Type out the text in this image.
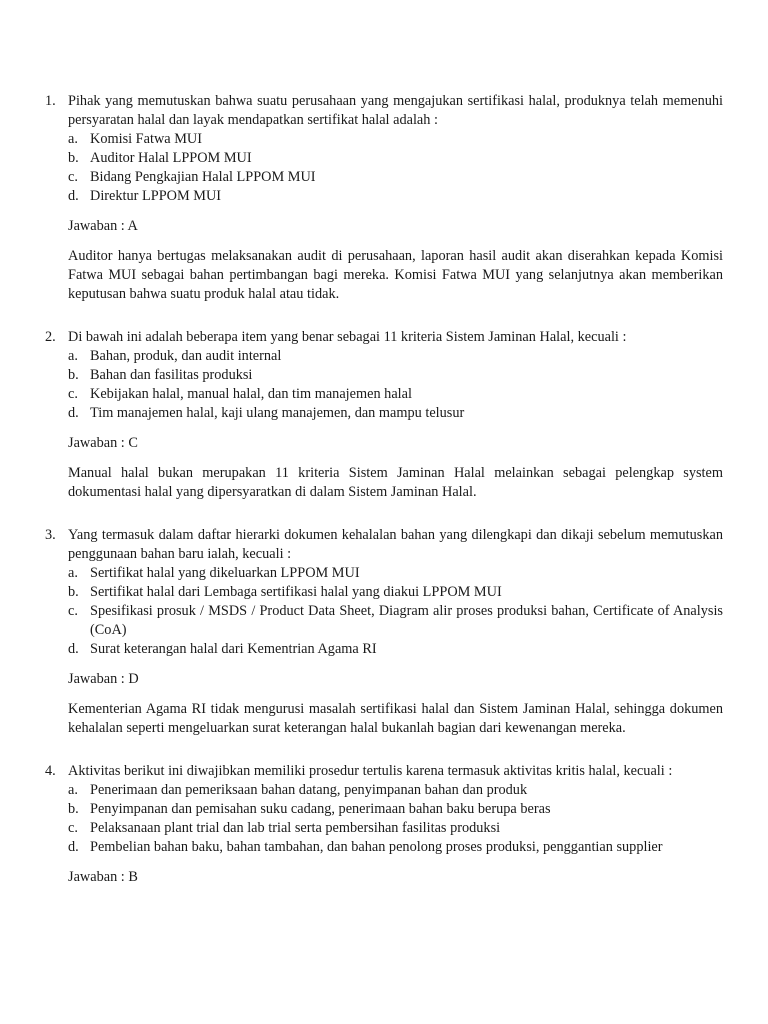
1. Pihak yang memutuskan bahwa suatu perusahaan yang mengajukan sertifikasi halal, produknya telah memenuhi persyaratan halal dan layak mendapatkan sertifikat halal adalah :
a. Komisi Fatwa MUI
b. Auditor Halal LPPOM MUI
c. Bidang Pengkajian Halal LPPOM MUI
d. Direktur LPPOM MUI
Jawaban : A
Auditor hanya bertugas melaksanakan audit di perusahaan, laporan hasil audit akan diserahkan kepada Komisi Fatwa MUI sebagai bahan pertimbangan bagi mereka. Komisi Fatwa MUI yang selanjutnya akan memberikan keputusan bahwa suatu produk halal atau tidak.
2. Di bawah ini adalah beberapa item yang benar sebagai 11 kriteria Sistem Jaminan Halal, kecuali :
a. Bahan, produk, dan audit internal
b. Bahan dan fasilitas produksi
c. Kebijakan halal, manual halal, dan tim manajemen halal
d. Tim manajemen halal, kaji ulang manajemen, dan mampu telusur
Jawaban : C
Manual halal bukan merupakan 11 kriteria Sistem Jaminan Halal melainkan sebagai pelengkap system dokumentasi halal yang dipersyaratkan di dalam Sistem Jaminan Halal.
3. Yang termasuk dalam daftar hierarki dokumen kehalalan bahan yang dilengkapi dan dikaji sebelum memutuskan penggunaan bahan baru ialah, kecuali :
a. Sertifikat halal yang dikeluarkan LPPOM MUI
b. Sertifikat halal dari Lembaga sertifikasi halal yang diakui LPPOM MUI
c. Spesifikasi prosuk / MSDS / Product Data Sheet, Diagram alir proses produksi bahan, Certificate of Analysis (CoA)
d. Surat keterangan halal dari Kementrian Agama RI
Jawaban : D
Kementerian Agama RI tidak mengurusi masalah sertifikasi halal dan Sistem Jaminan Halal, sehingga dokumen kehalalan seperti mengeluarkan surat keterangan halal bukanlah bagian dari kewenangan mereka.
4. Aktivitas berikut ini diwajibkan memiliki prosedur tertulis karena termasuk aktivitas kritis halal, kecuali :
a. Penerimaan dan pemeriksaan bahan datang, penyimpanan bahan dan produk
b. Penyimpanan dan pemisahan suku cadang, penerimaan bahan baku berupa beras
c. Pelaksanaan plant trial dan lab trial serta pembersihan fasilitas produksi
d. Pembelian bahan baku, bahan tambahan, dan bahan penolong proses produksi, penggantian supplier
Jawaban : B
